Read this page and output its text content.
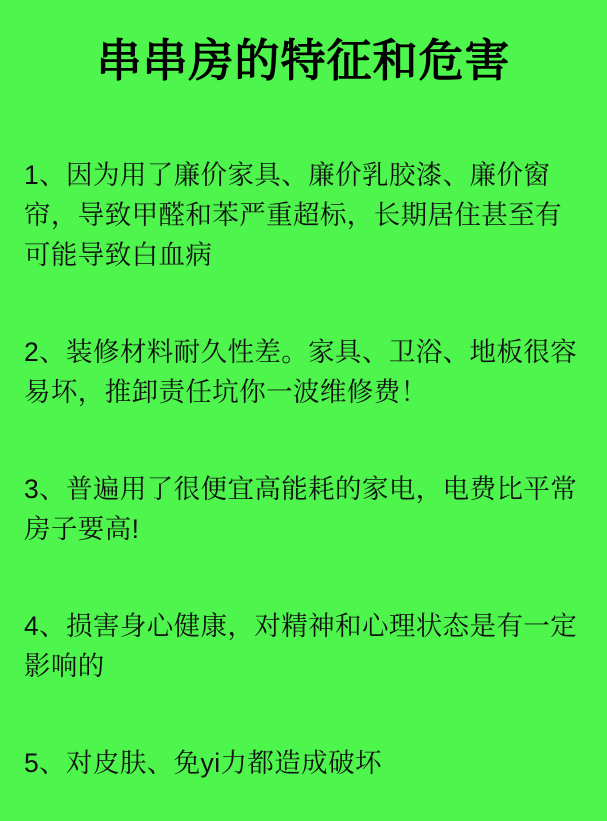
串串房的特征和危害

1、因为用了廉价家具、廉价乳胶漆、廉价窗帘，导致甲醛和苯严重超标，长期居住甚至有可能导致白血病

2、装修材料耐久性差。家具、卫浴、地板很容易坏，推卸责任坑你一波维修费！

3、普遍用了很便宜高能耗的家电，电费比平常房子要高!

4、损害身心健康，对精神和心理状态是有一定影响的

5、对皮肤、免yi力都造成破坏
